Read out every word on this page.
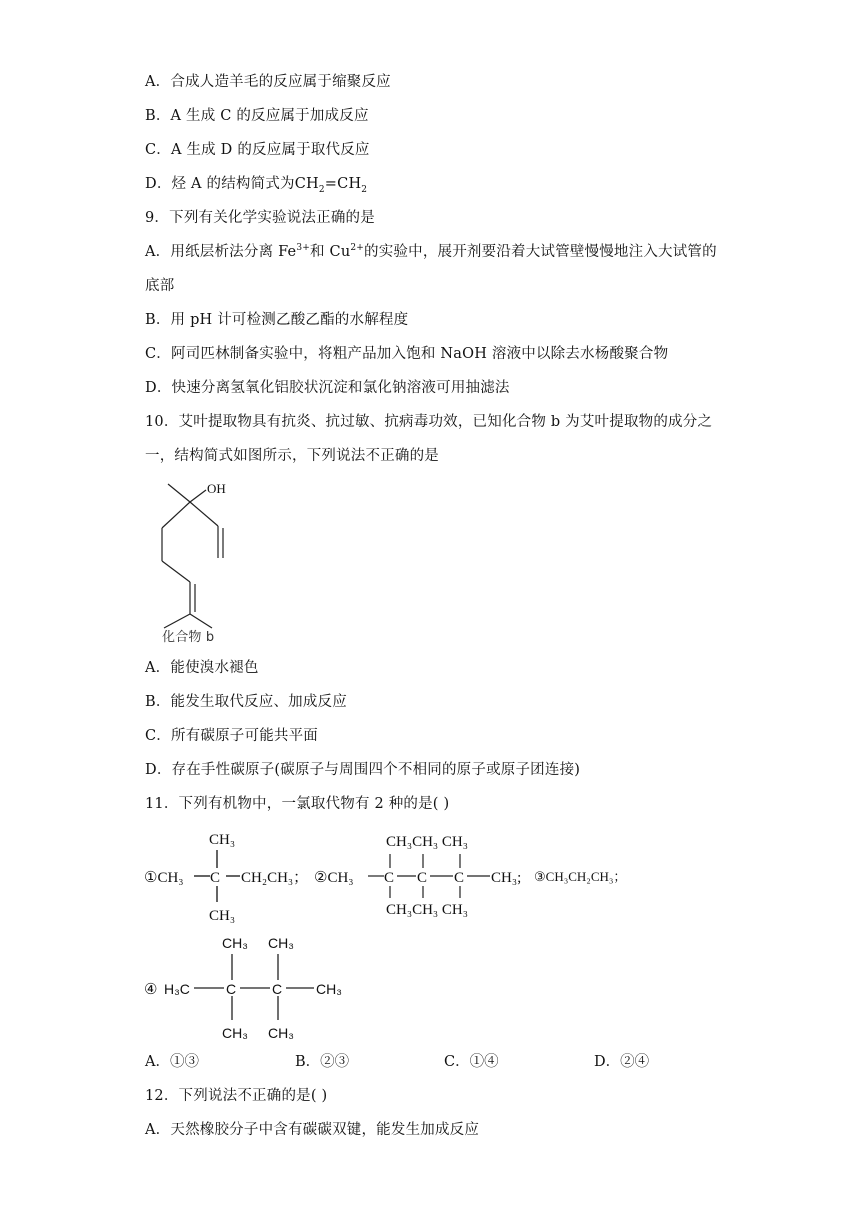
A．合成人造羊毛的反应属于缩聚反应
B．A 生成 C 的反应属于加成反应
C．A 生成 D 的反应属于取代反应
D．烃 A 的结构简式为$CH_2=CH_2$
9．下列有关化学实验说法正确的是
A．用纸层析法分离 $Fe^{3+}$和 $Cu^{2+}$的实验中，展开剂要沿着大试管壁慢慢地注入大试管的
底部
B．用 pH 计可检测乙酸乙酯的水解程度
C．阿司匹林制备实验中，将粗产品加入饱和 NaOH 溶液中以除去水杨酸聚合物
D．快速分离氢氧化铝胶状沉淀和氯化钠溶液可用抽滤法
10．艾叶提取物具有抗炎、抗过敏、抗病毒功效，已知化合物 b 为艾叶提取物的成分之
一，结构简式如图所示，下列说法不正确的是
OH
化合物 b
A．能使溴水褪色
B．能发生取代反应、加成反应
C．所有碳原子可能共平面
D．存在手性碳原子(碳原子与周围四个不相同的原子或原子团连接)
11．下列有机物中，一氯取代物有 2 种的是( )
CH₃
①CH₃ C CH₂CH₃；
CH₃
CH₃CH₃ CH₃
②CH₃ C C C CH₃;
CH₃CH₃ CH₃
③CH₃CH₂CH₃；
④ H₃C	C	C CH₃
CH₃ CH₃
CH₃ CH₃
A．①③	B．②③	C．①④	D．②④
12．下列说法不正确的是( )
A．天然橡胶分子中含有碳碳双键，能发生加成反应
